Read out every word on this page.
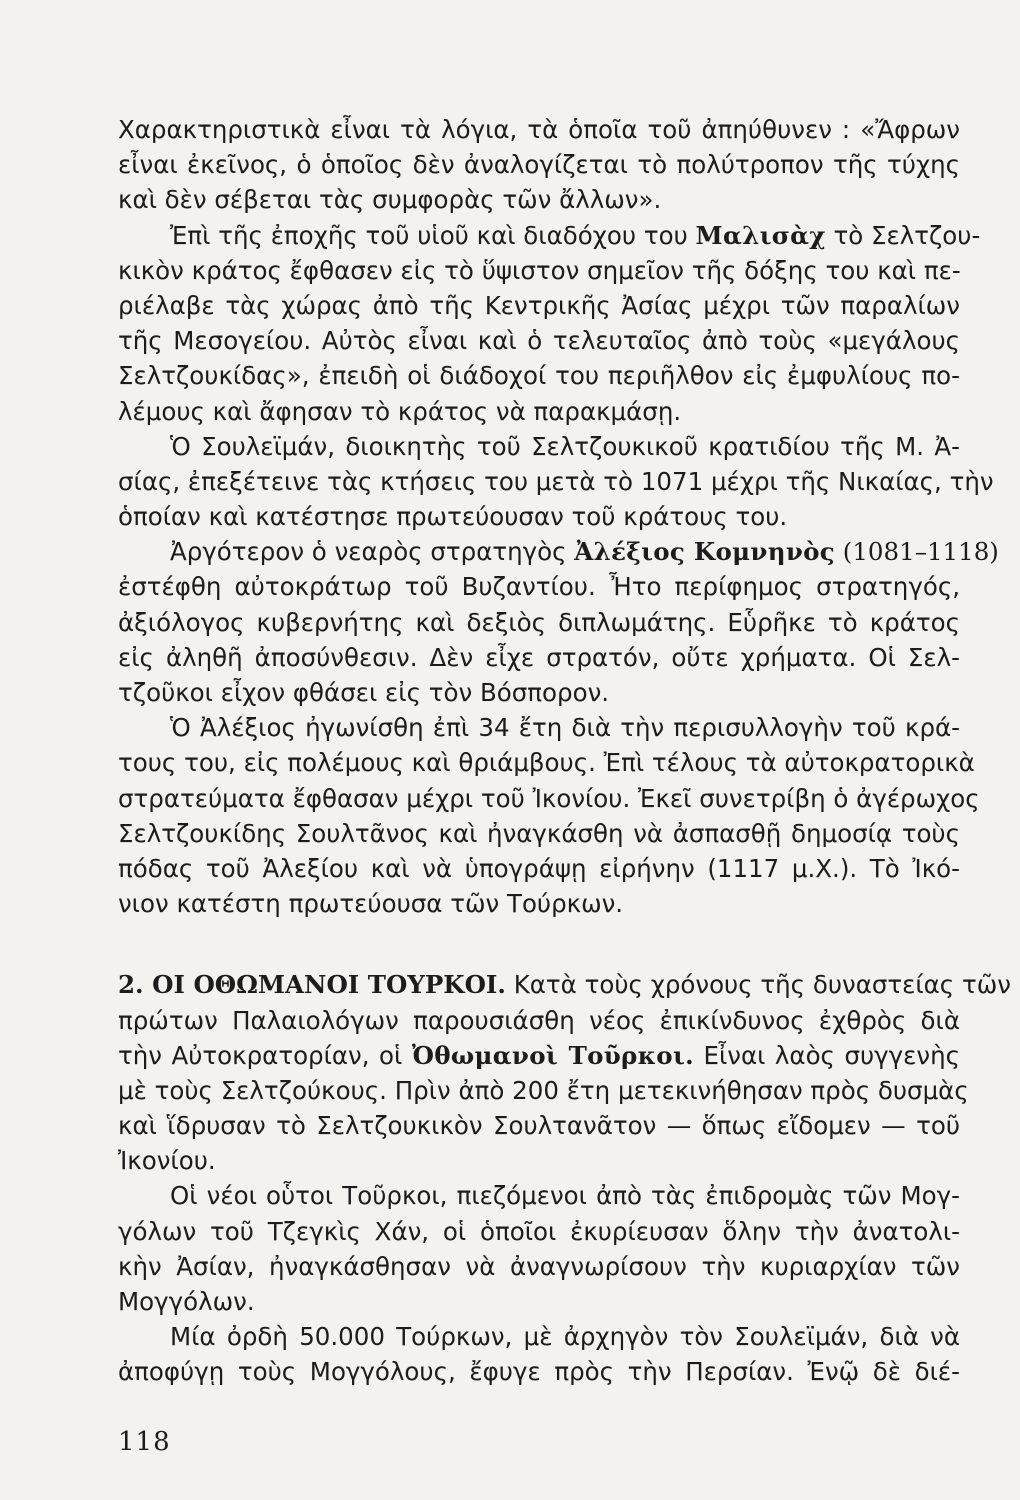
Χαρακτηριστικὰ εἶναι τὰ λόγια, τὰ ὁποῖα τοῦ ἀπηύθυνεν : «Ἄφρων
εἶναι ἐκεῖνος, ὁ ὁποῖος δὲν ἀναλογίζεται τὸ πολύτροπον τῆς τύχης
καὶ δὲν σέβεται τὰς συμφορὰς τῶν ἄλλων».
Ἐπὶ τῆς ἐποχῆς τοῦ υἱοῦ καὶ διαδόχου του Μαλισὰχ τὸ Σελτζου-
κικὸν κράτος ἔφθασεν εἰς τὸ ὕψιστον σημεῖον τῆς δόξης του καὶ πε-
ριέλαβε τὰς χώρας ἀπὸ τῆς Κεντρικῆς Ἀσίας μέχρι τῶν παραλίων
τῆς Μεσογείου. Αὐτὸς εἶναι καὶ ὁ τελευταῖος ἀπὸ τοὺς «μεγάλους
Σελτζουκίδας», ἐπειδὴ οἱ διάδοχοί του περιῆλθον εἰς ἐμφυλίους πο-
λέμους καὶ ἄφησαν τὸ κράτος νὰ παρακμάσῃ.
Ὁ Σουλεϊμάν, διοικητὴς τοῦ Σελτζουκικοῦ κρατιδίου τῆς Μ. Ἀ-
σίας, ἐπεξέτεινε τὰς κτήσεις του μετὰ τὸ 1071 μέχρι τῆς Νικαίας, τὴν
ὁποίαν καὶ κατέστησε πρωτεύουσαν τοῦ κράτους του.
Ἀργότερον ὁ νεαρὸς στρατηγὸς Ἀλέξιος Κομνηνὸς (1081–1118)
ἐστέφθη αὐτοκράτωρ τοῦ Βυζαντίου. Ἦτο περίφημος στρατηγός,
ἀξιόλογος κυβερνήτης καὶ δεξιὸς διπλωμάτης. Εὗρῆκε τὸ κράτος
εἰς ἀληθῆ ἀποσύνθεσιν. Δὲν εἶχε στρατόν, οὔτε χρήματα. Οἱ Σελ-
τζοῦκοι εἶχον φθάσει εἰς τὸν Βόσπορον.
Ὁ Ἀλέξιος ἠγωνίσθη ἐπὶ 34 ἔτη διὰ τὴν περισυλλογὴν τοῦ κρά-
τους του, εἰς πολέμους καὶ θριάμβους. Ἐπὶ τέλους τὰ αὐτοκρατορικὰ
στρατεύματα ἔφθασαν μέχρι τοῦ Ἰκονίου. Ἐκεῖ συνετρίβη ὁ ἀγέρωχος
Σελτζουκίδης Σουλτᾶνος καὶ ἠναγκάσθη νὰ ἀσπασθῇ δημοσίᾳ τοὺς
πόδας τοῦ Ἀλεξίου καὶ νὰ ὑπογράψῃ εἰρήνην (1117 μ.Χ.). Τὸ Ἰκό-
νιον κατέστη πρωτεύουσα τῶν Τούρκων.
2. ΟΙ ΟΘΩΜΑΝΟΙ ΤΟΥΡΚΟΙ. Κατὰ τοὺς χρόνους τῆς δυναστείας τῶν
πρώτων Παλαιολόγων παρουσιάσθη νέος ἐπικίνδυνος ἐχθρὸς διὰ
τὴν Αὐτοκρατορίαν, οἱ Ὀθωμανοὶ Τοῦρκοι. Εἶναι λαὸς συγγενὴς
μὲ τοὺς Σελτζούκους. Πρὶν ἀπὸ 200 ἔτη μετεκινήθησαν πρὸς δυσμὰς
καὶ ἵδρυσαν τὸ Σελτζουκικὸν Σουλτανᾶτον — ὅπως εἴδομεν — τοῦ
Ἰκονίου.
Οἱ νέοι οὗτοι Τοῦρκοι, πιεζόμενοι ἀπὸ τὰς ἐπιδρομὰς τῶν Μογ-
γόλων τοῦ Τζεγκὶς Χάν, οἱ ὁποῖοι ἐκυρίευσαν ὅλην τὴν ἀνατολι-
κὴν Ἀσίαν, ἠναγκάσθησαν νὰ ἀναγνωρίσουν τὴν κυριαρχίαν τῶν
Μογγόλων.
Μία ὀρδὴ 50.000 Τούρκων, μὲ ἀρχηγὸν τὸν Σουλεϊμάν, διὰ νὰ
ἀποφύγῃ τοὺς Μογγόλους, ἔφυγε πρὸς τὴν Περσίαν. Ἐνῷ δὲ διέ-
118
